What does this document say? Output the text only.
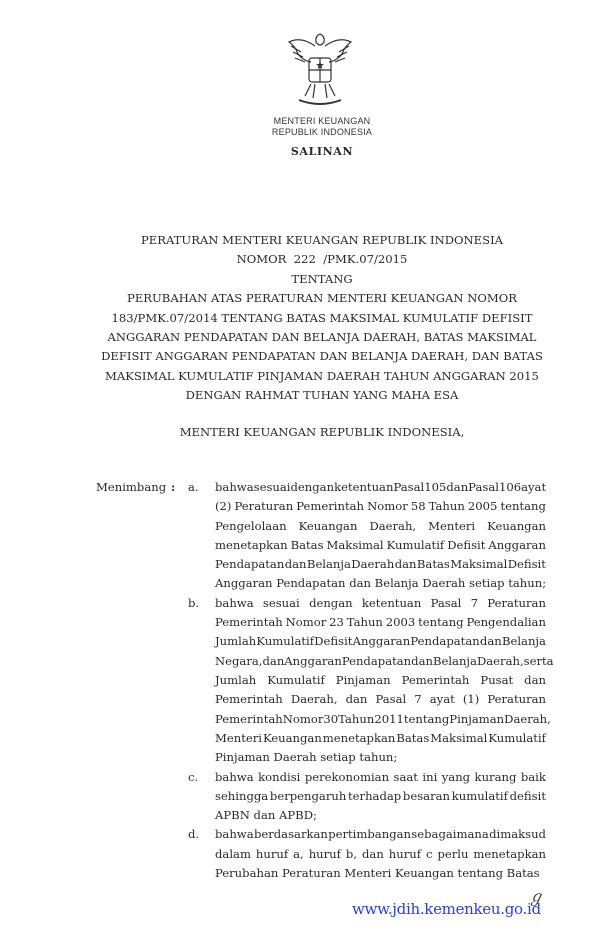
MENTERI KEUANGAN
REPUBLIK INDONESIA
SALINAN
PERATURAN MENTERI KEUANGAN REPUBLIK INDONESIA
NOMOR  222  /PMK.07/2015
TENTANG
PERUBAHAN ATAS PERATURAN MENTERI KEUANGAN NOMOR
183/PMK.07/2014 TENTANG BATAS MAKSIMAL KUMULATIF DEFISIT
ANGGARAN PENDAPATAN DAN BELANJA DAERAH, BATAS MAKSIMAL
DEFISIT ANGGARAN PENDAPATAN DAN BELANJA DAERAH, DAN BATAS
MAKSIMAL KUMULATIF PINJAMAN DAERAH TAHUN ANGGARAN 2015
DENGAN RAHMAT TUHAN YANG MAHA ESA
MENTERI KEUANGAN REPUBLIK INDONESIA,
Menimbang : a. bahwa sesuai dengan ketentuan Pasal 105 dan Pasal 106 ayat
(2) Peraturan Pemerintah Nomor 58 Tahun 2005 tentang
Pengelolaan Keuangan Daerah, Menteri Keuangan
menetapkan Batas Maksimal Kumulatif Defisit Anggaran
Pendapatan dan Belanja Daerah dan Batas Maksimal Defisit
Anggaran Pendapatan dan Belanja Daerah setiap tahun;
b. bahwa sesuai dengan ketentuan Pasal 7 Peraturan
Pemerintah Nomor 23 Tahun 2003 tentang Pengendalian
Jumlah Kumulatif Defisit Anggaran Pendapatan dan Belanja
Negara, dan Anggaran Pendapatan dan Belanja Daerah, serta
Jumlah Kumulatif Pinjaman Pemerintah Pusat dan
Pemerintah Daerah, dan Pasal 7 ayat (1) Peraturan
Pemerintah Nomor 30 Tahun 2011 tentang Pinjaman Daerah,
Menteri Keuangan menetapkan Batas Maksimal Kumulatif
Pinjaman Daerah setiap tahun;
c. bahwa kondisi perekonomian saat ini yang kurang baik
sehingga berpengaruh terhadap besaran kumulatif defisit
APBN dan APBD;
d. bahwa berdasarkan pertimbangan sebagaimana dimaksud
dalam huruf a, huruf b, dan huruf c perlu menetapkan
Perubahan Peraturan Menteri Keuangan tentang Batas
www.jdih.kemenkeu.go.id
ℊ
